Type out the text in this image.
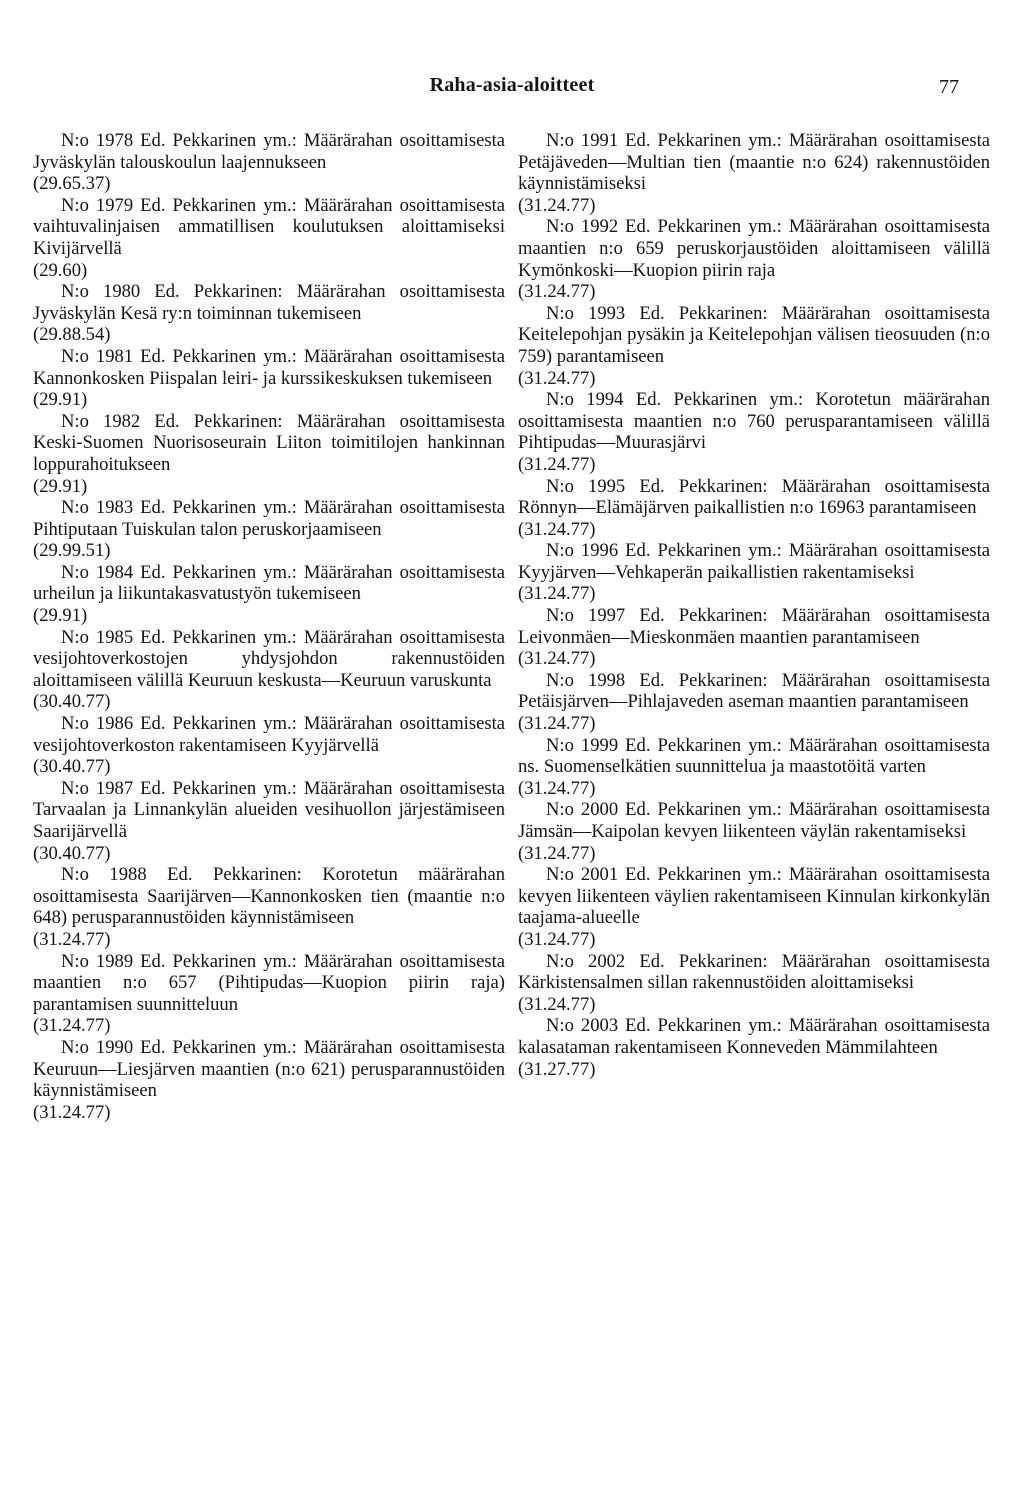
Raha-asia-aloitteet	77

N:o 1978 Ed. Pekkarinen ym.: Määrärahan osoittamisesta Jyväskylän talouskoulun laajennukseen
(29.65.37)

N:o 1979 Ed. Pekkarinen ym.: Määrärahan osoittamisesta vaihtuvalinjaisen ammatillisen koulutuksen aloittamiseksi Kivijärvellä
(29.60)

N:o 1980 Ed. Pekkarinen: Määrärahan osoittamisesta Jyväskylän Kesä ry:n toiminnan tukemiseen
(29.88.54)

N:o 1981 Ed. Pekkarinen ym.: Määrärahan osoittamisesta Kannonkosken Piispalan leiri- ja kurssikeskuksen tukemiseen
(29.91)

N:o 1982 Ed. Pekkarinen: Määrärahan osoittamisesta Keski-Suomen Nuorisoseurain Liiton toimitilojen hankinnan loppurahoitukseen
(29.91)

N:o 1983 Ed. Pekkarinen ym.: Määrärahan osoittamisesta Pihtiputaan Tuiskulan talon peruskorjaamiseen
(29.99.51)

N:o 1984 Ed. Pekkarinen ym.: Määrärahan osoittamisesta urheilun ja liikuntakasvatustyön tukemiseen
(29.91)

N:o 1985 Ed. Pekkarinen ym.: Määrärahan osoittamisesta vesijohtoverkostojen yhdysjohdon rakennustöiden aloittamiseen välillä Keuruun keskusta—Keuruun varuskunta
(30.40.77)

N:o 1986 Ed. Pekkarinen ym.: Määrärahan osoittamisesta vesijohtoverkoston rakentamiseen Kyyjärvellä
(30.40.77)

N:o 1987 Ed. Pekkarinen ym.: Määrärahan osoittamisesta Tarvaalan ja Linnankylän alueiden vesihuollon järjestämiseen Saarijärvellä
(30.40.77)

N:o 1988 Ed. Pekkarinen: Korotetun määrärahan osoittamisesta Saarijärven—Kannonkosken tien (maantie n:o 648) perusparannustöiden käynnistämiseen
(31.24.77)

N:o 1989 Ed. Pekkarinen ym.: Määrärahan osoittamisesta maantien n:o 657 (Pihtipudas—Kuopion piirin raja) parantamisen suunnitteluun
(31.24.77)

N:o 1990 Ed. Pekkarinen ym.: Määrärahan osoittamisesta Keuruun—Liesjärven maantien (n:o 621) perusparannustöiden käynnistämiseen
(31.24.77)

N:o 1991 Ed. Pekkarinen ym.: Määrärahan osoittamisesta Petäjäveden—Multian tien (maantie n:o 624) rakennustöiden käynnistämiseksi
(31.24.77)

N:o 1992 Ed. Pekkarinen ym.: Määrärahan osoittamisesta maantien n:o 659 peruskorjaustöiden aloittamiseen välillä Kymönkoski—Kuopion piirin raja
(31.24.77)

N:o 1993 Ed. Pekkarinen: Määrärahan osoittamisesta Keitelepohjan pysäkin ja Keitelepohjan välisen tieosuuden (n:o 759) parantamiseen
(31.24.77)

N:o 1994 Ed. Pekkarinen ym.: Korotetun määrärahan osoittamisesta maantien n:o 760 perusparantamiseen välillä Pihtipudas—Muurasjärvi
(31.24.77)

N:o 1995 Ed. Pekkarinen: Määrärahan osoittamisesta Rönnyn—Elämäjärven paikallistien n:o 16963 parantamiseen
(31.24.77)

N:o 1996 Ed. Pekkarinen ym.: Määrärahan osoittamisesta Kyyjärven—Vehkaperän paikallistien rakentamiseksi
(31.24.77)

N:o 1997 Ed. Pekkarinen: Määrärahan osoittamisesta Leivonmäen—Mieskonmäen maantien parantamiseen
(31.24.77)

N:o 1998 Ed. Pekkarinen: Määrärahan osoittamisesta Petäisjärven—Pihlajaveden aseman maantien parantamiseen
(31.24.77)

N:o 1999 Ed. Pekkarinen ym.: Määrärahan osoittamisesta ns. Suomenselkätien suunnittelua ja maastotöitä varten
(31.24.77)

N:o 2000 Ed. Pekkarinen ym.: Määrärahan osoittamisesta Jämsän—Kaipolan kevyen liikenteen väylän rakentamiseksi
(31.24.77)

N:o 2001 Ed. Pekkarinen ym.: Määrärahan osoittamisesta kevyen liikenteen väylien rakentamiseen Kinnulan kirkonkylän taajama-alueelle
(31.24.77)

N:o 2002 Ed. Pekkarinen: Määrärahan osoittamisesta Kärkistensalmen sillan rakennustöiden aloittamiseksi
(31.24.77)

N:o 2003 Ed. Pekkarinen ym.: Määrärahan osoittamisesta kalasataman rakentamiseen Konneveden Mämmilahteen
(31.27.77)
